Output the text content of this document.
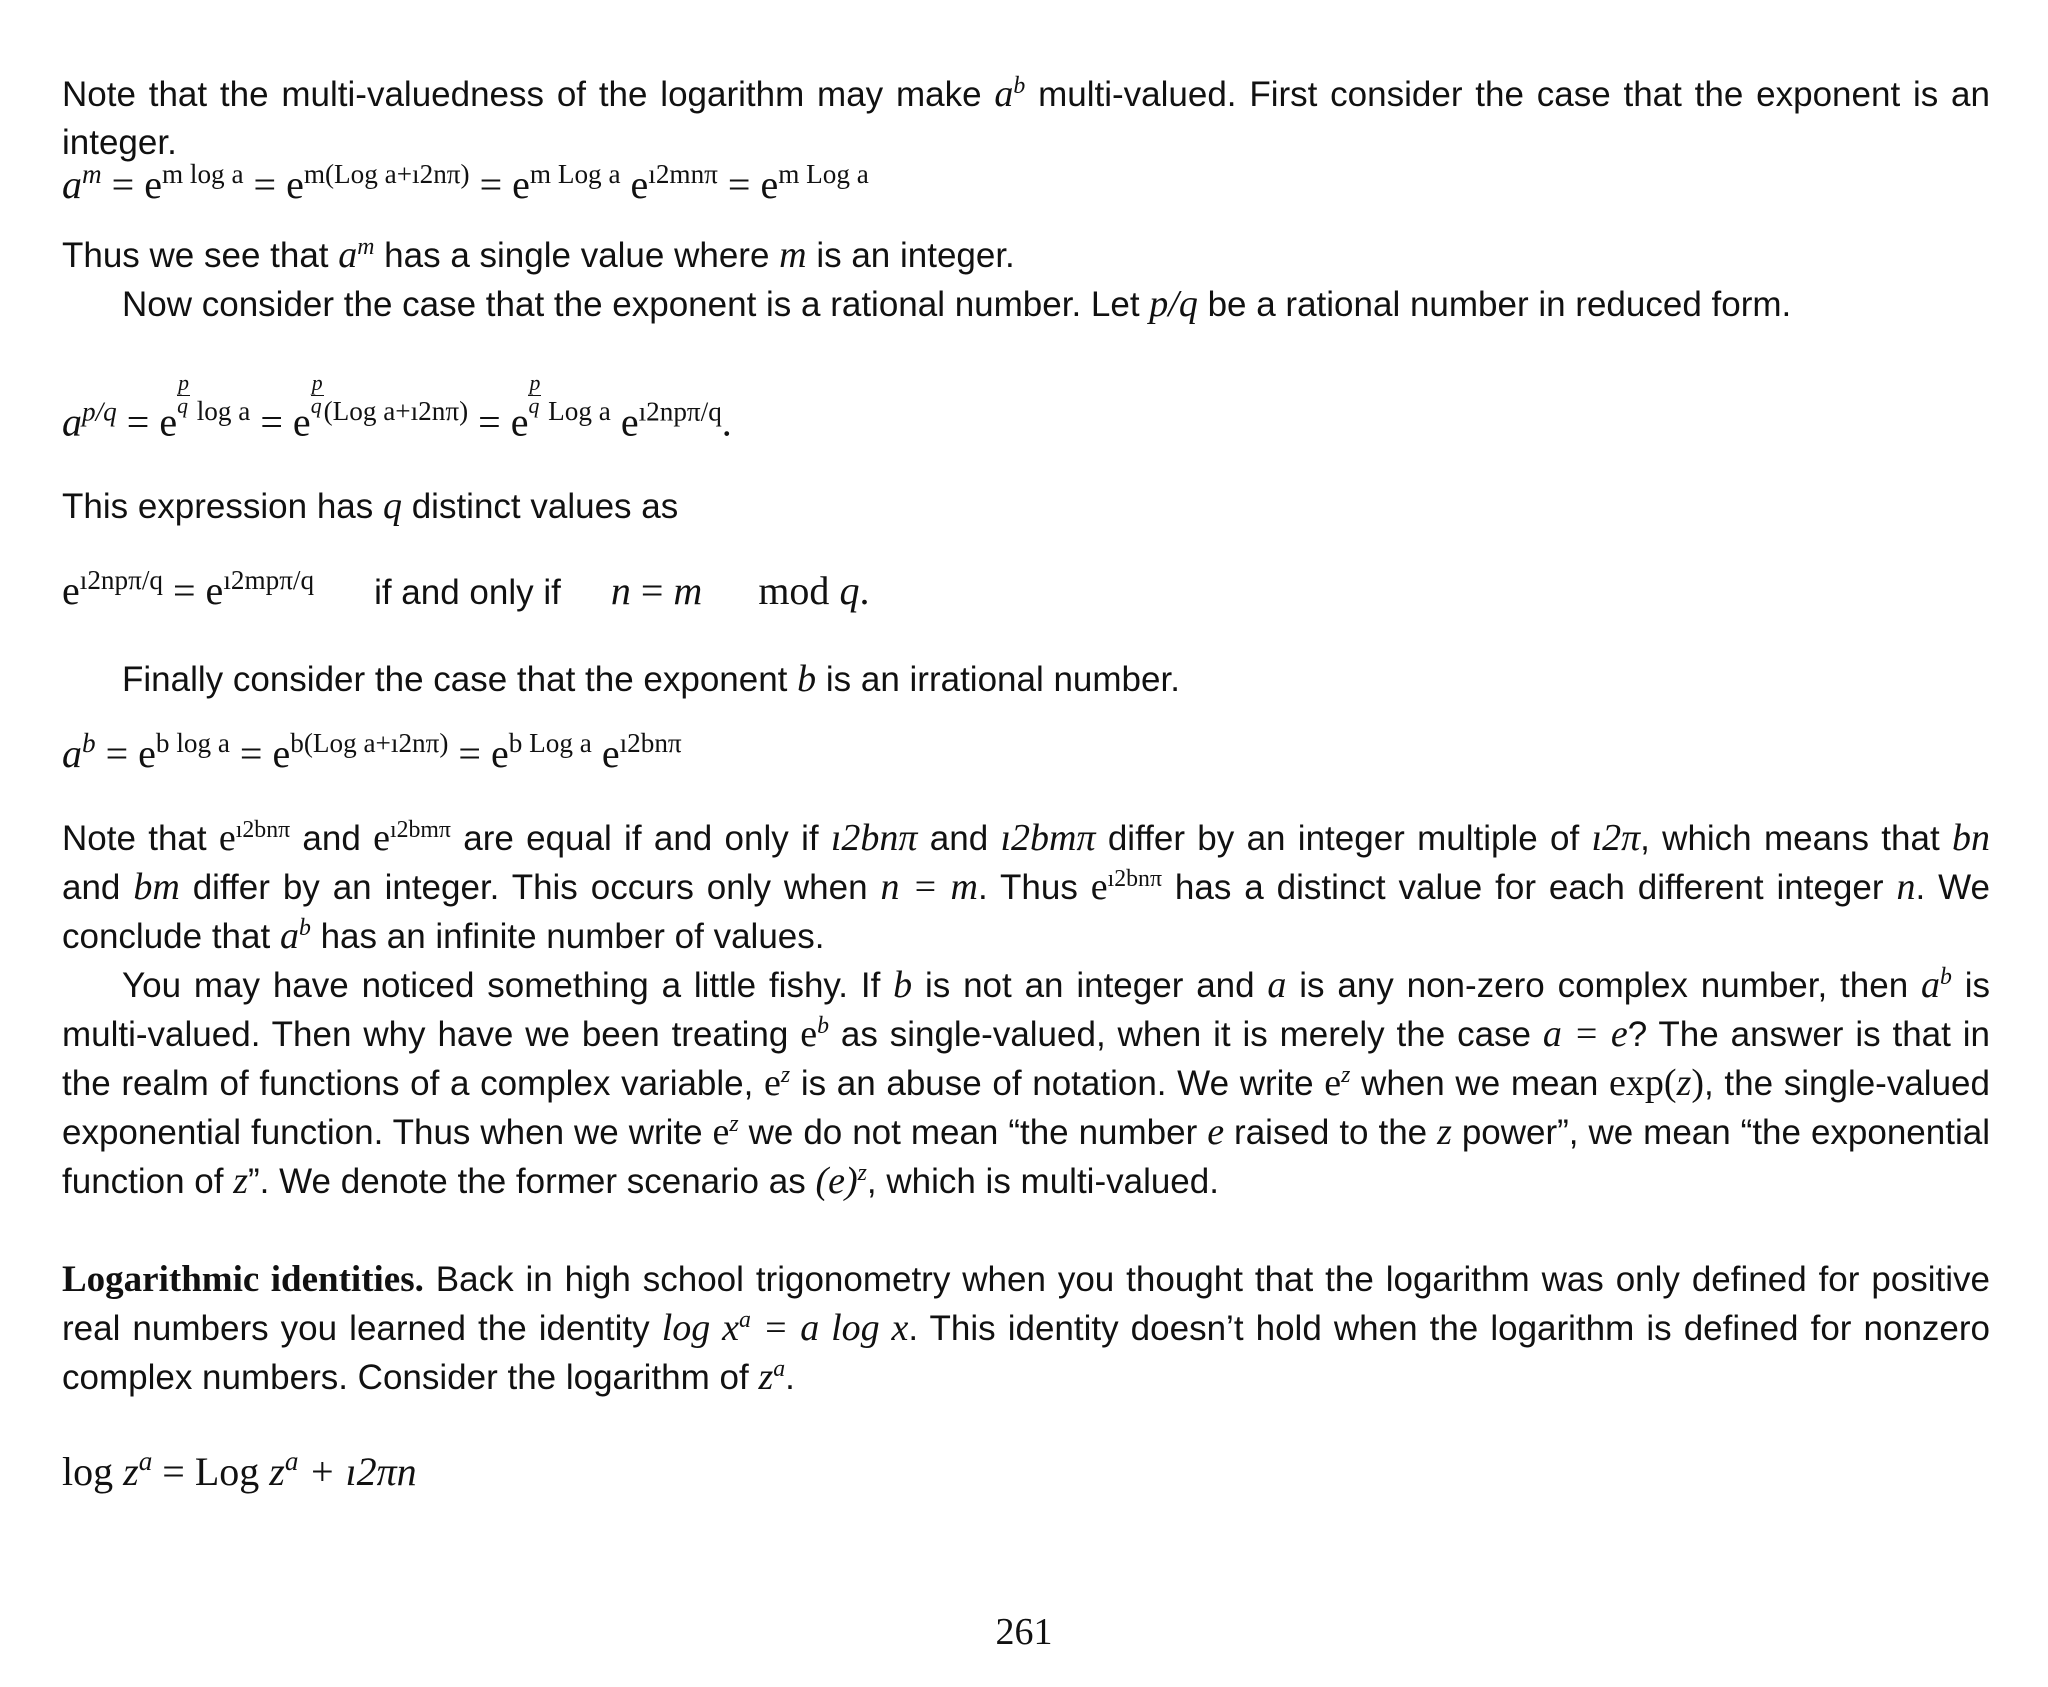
Note that the multi-valuedness of the logarithm may make $a^b$ multi-valued. First consider the case that the exponent is an integer.

$a^m = e^{m log a} = e^{m(Log a+ı2n\pi)} = e^{m Log a}$ $e^{ı2mn\pi} = e^{m Log a}$

Thus we see that $a^m$ has a single value where m is an integer.

Now consider the case that the exponent is a rational number. Let p/q be a rational number in reduced form.

$a^{p/q} = e$
$^{\frac{p}{q} log a}$ = e
$^{\frac{p}{q} (Log a+ı2n\pi)}$ = e
$^{\frac{p}{q} Log a}$ $e^{ı2np\pi/q}$.

This expression has q distinct values as

$e^{ı2np\pi/q} = e^{ı2mp\pi/q}$ if and only if n = m mod q.

Finally consider the case that the exponent b is an irrational number.

$a^b = e^{b log a} = e^{b(Log a+ı2n\pi)} = e^{b Log a}$ $e^{ı2bn\pi}$

Note that $e^{ı2bn\pi}$ and $e^{ı2bm\pi}$ are equal if and only if ı2bnπ and ı2bmπ differ by an integer multiple of ı2π, which means that bn and bm differ by an integer. This occurs only when n = m. Thus $e^{ı2bn\pi}$ has a distinct value for each different integer n. We conclude that $a^b$ has an infinite number of values.

You may have noticed something a little fishy. If b is not an integer and a is any non-zero complex number, then $a^b$ is multi-valued. Then why have we been treating $e^b$ as single-valued, when it is merely the case a = e? The answer is that in the realm of functions of a complex variable, $e^z$ is an abuse of notation. We write $e^z$ when we mean exp(z), the single-valued exponential function. Thus when we write $e^z$ we do not mean “the number e raised to the z power”, we mean “the exponential function of z”. We denote the former scenario as $(e)^z$, which is multi-valued.

Logarithmic identities. Back in high school trigonometry when you thought that the logarithm was only defined for positive real numbers you learned the identity $\log x^a = a$ log x. This identity doesn’t hold when the logarithm is defined for nonzero complex numbers. Consider the logarithm of $z^a$.

$\log z^a$ = Log $z^a$ + ı2πn

261
